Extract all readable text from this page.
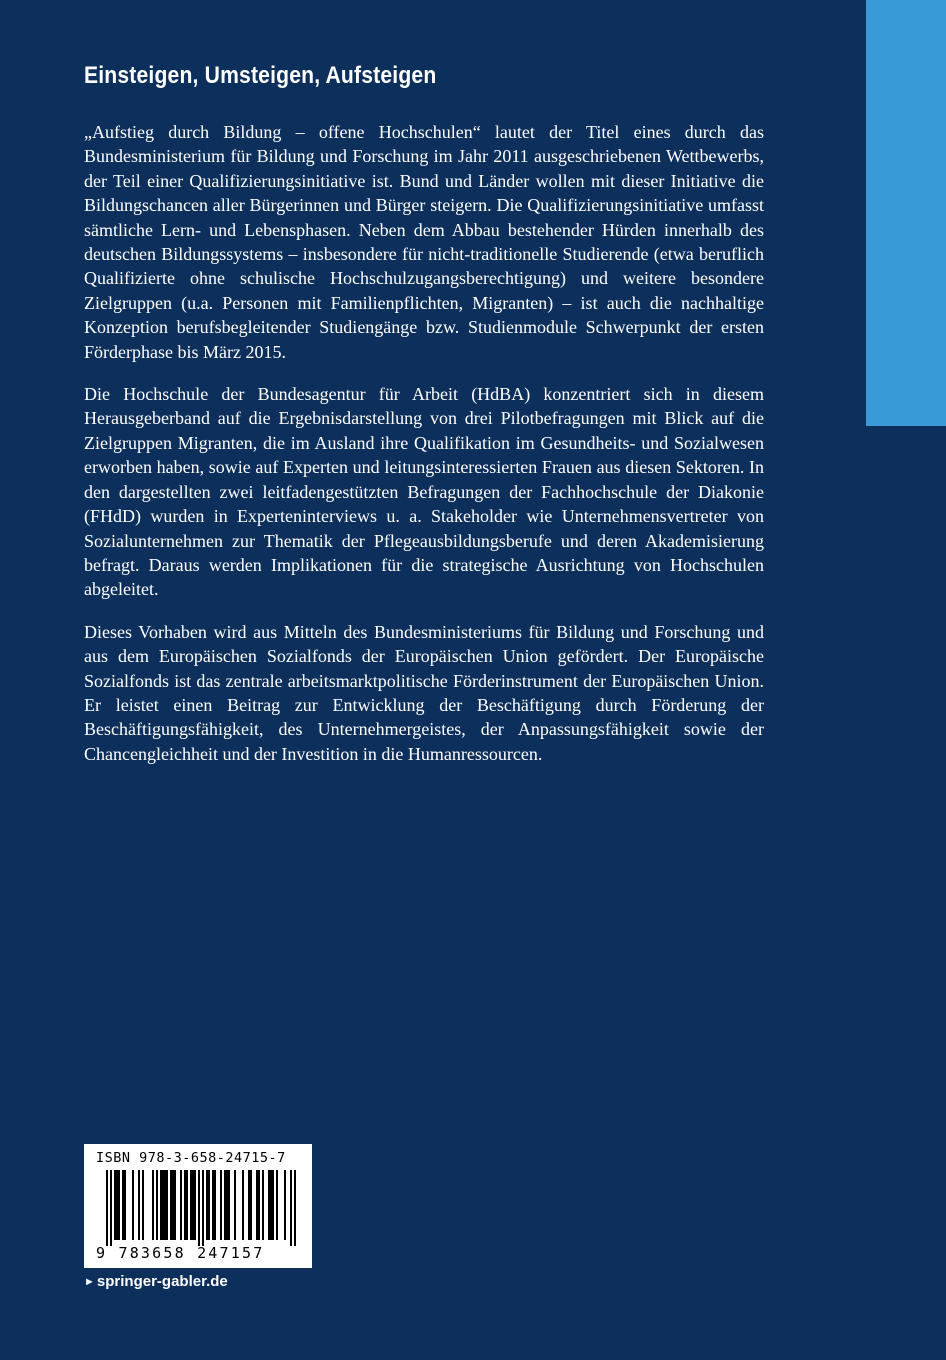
Einsteigen, Umsteigen, Aufsteigen

„Aufstieg durch Bildung – offene Hochschulen“ lautet der Titel eines durch das Bundesministerium für Bildung und Forschung im Jahr 2011 ausgeschriebenen Wettbewerbs, der Teil einer Qualifizierungsinitiative ist. Bund und Länder wollen mit dieser Initiative die Bildungschancen aller Bürgerinnen und Bürger steigern. Die Qualifizierungsinitiative umfasst sämtliche Lern- und Lebensphasen. Neben dem Abbau bestehender Hürden innerhalb des deutschen Bildungssystems – insbesondere für nicht-traditionelle Studierende (etwa beruflich Qualifizierte ohne schulische Hochschulzugangsberechtigung) und weitere besondere Zielgruppen (u.a. Personen mit Familienpflichten, Migranten) – ist auch die nachhaltige Konzeption berufsbegleitender Studiengänge bzw. Studienmodule Schwerpunkt der ersten Förderphase bis März 2015.

Die Hochschule der Bundesagentur für Arbeit (HdBA) konzentriert sich in diesem Herausgeberband auf die Ergebnisdarstellung von drei Pilotbefragungen mit Blick auf die Zielgruppen Migranten, die im Ausland ihre Qualifikation im Gesundheits- und Sozialwesen erworben haben, sowie auf Experten und leitungsinteressierten Frauen aus diesen Sektoren. In den dargestellten zwei leitfadengestützten Befragungen der Fachhochschule der Diakonie (FHdD) wurden in Experteninterviews u. a. Stakeholder wie Unternehmensvertreter von Sozialunternehmen zur Thematik der Pflegeausbildungsberufe und deren Akademisierung befragt. Daraus werden Implikationen für die strategische Ausrichtung von Hochschulen abgeleitet.

Dieses Vorhaben wird aus Mitteln des Bundesministeriums für Bildung und Forschung und aus dem Europäischen Sozialfonds der Europäischen Union gefördert. Der Europäische Sozialfonds ist das zentrale arbeitsmarktpolitische Förderinstrument der Europäischen Union. Er leistet einen Beitrag zur Entwicklung der Beschäftigung durch Förderung der Beschäftigungsfähigkeit, des Unternehmergeistes, der Anpassungsfähigkeit sowie der Chancengleichheit und der Investition in die Humanressourcen.

ISBN 978-3-658-24715-7
9 783658 247157
► springer-gabler.de
